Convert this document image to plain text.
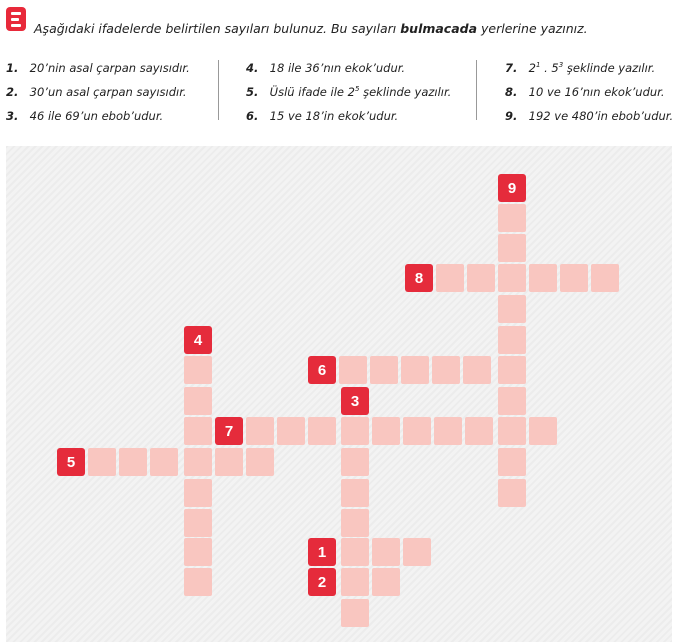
Aşağıdaki ifadelerde belirtilen sayıları bulunuz. Bu sayıları bulmacada yerlerine yazınız.
1. 20’nin asal çarpan sayısıdır.
2. 30’un asal çarpan sayısıdır.
3. 46 ile 69’un ebob’udur.
4. 18 ile 36’nın ekok’udur.
5. Üslü ifade ile $2^5$ şeklinde yazılır.
6. 15 ve 18’in ekok’udur.
7. $2^1$ . $5^3$ şeklinde yazılır.
8. 10 ve 16’nın ekok’udur.
9. 192 ve 480’in ebob’udur.
9
8
4
6
3
7
5
1
2
